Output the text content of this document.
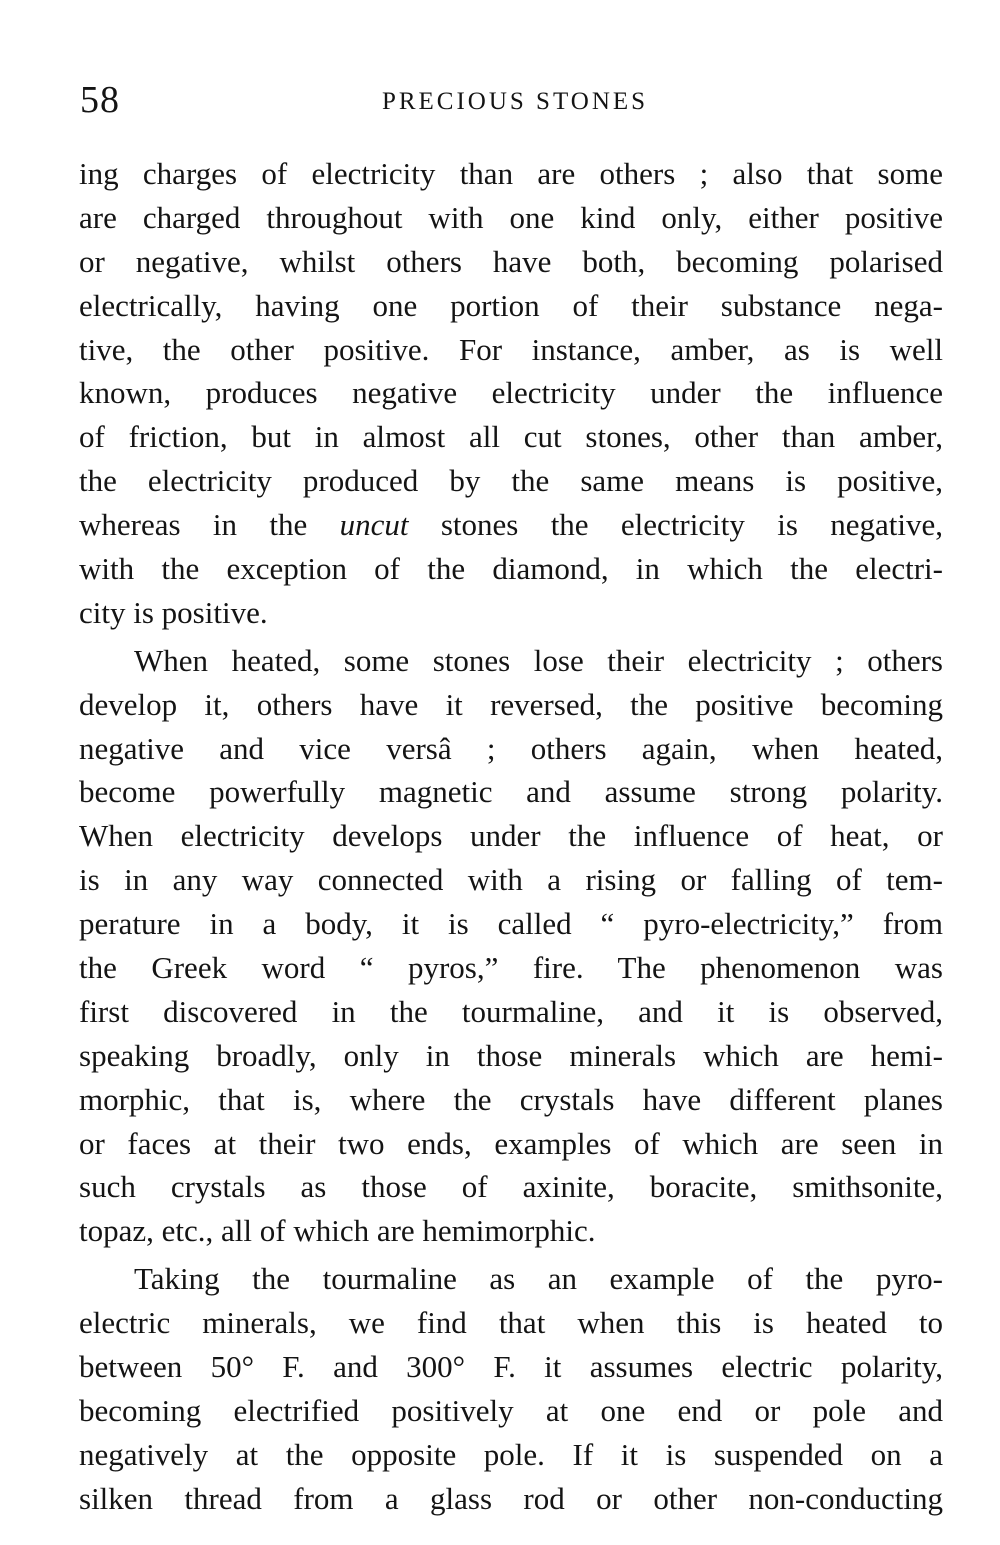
58	PRECIOUS STONES
ing charges of electricity than are others ; also that some
are charged throughout with one kind only, either positive
or negative, whilst others have both, becoming polarised
electrically, having one portion of their substance nega-
tive, the other positive. For instance, amber, as is well
known, produces negative electricity under the influence
of friction, but in almost all cut stones, other than amber,
the electricity produced by the same means is positive,
whereas in the uncut stones the electricity is negative,
with the exception of the diamond, in which the electri-
city is positive.
When heated, some stones lose their electricity ; others
develop it, others have it reversed, the positive becoming
negative and vice versâ ; others again, when heated,
become powerfully magnetic and assume strong polarity.
When electricity develops under the influence of heat, or
is in any way connected with a rising or falling of tem-
perature in a body, it is called “ pyro-electricity,” from
the Greek word “ pyros,” fire. The phenomenon was
first discovered in the tourmaline, and it is observed,
speaking broadly, only in those minerals which are hemi-
morphic, that is, where the crystals have different planes
or faces at their two ends, examples of which are seen in
such crystals as those of axinite, boracite, smithsonite,
topaz, etc., all of which are hemimorphic.
Taking the tourmaline as an example of the pyro-
electric minerals, we find that when this is heated to
between 50° F. and 300° F. it assumes electric polarity,
becoming electrified positively at one end or pole and
negatively at the opposite pole. If it is suspended on a
silken thread from a glass rod or other non-conducting
